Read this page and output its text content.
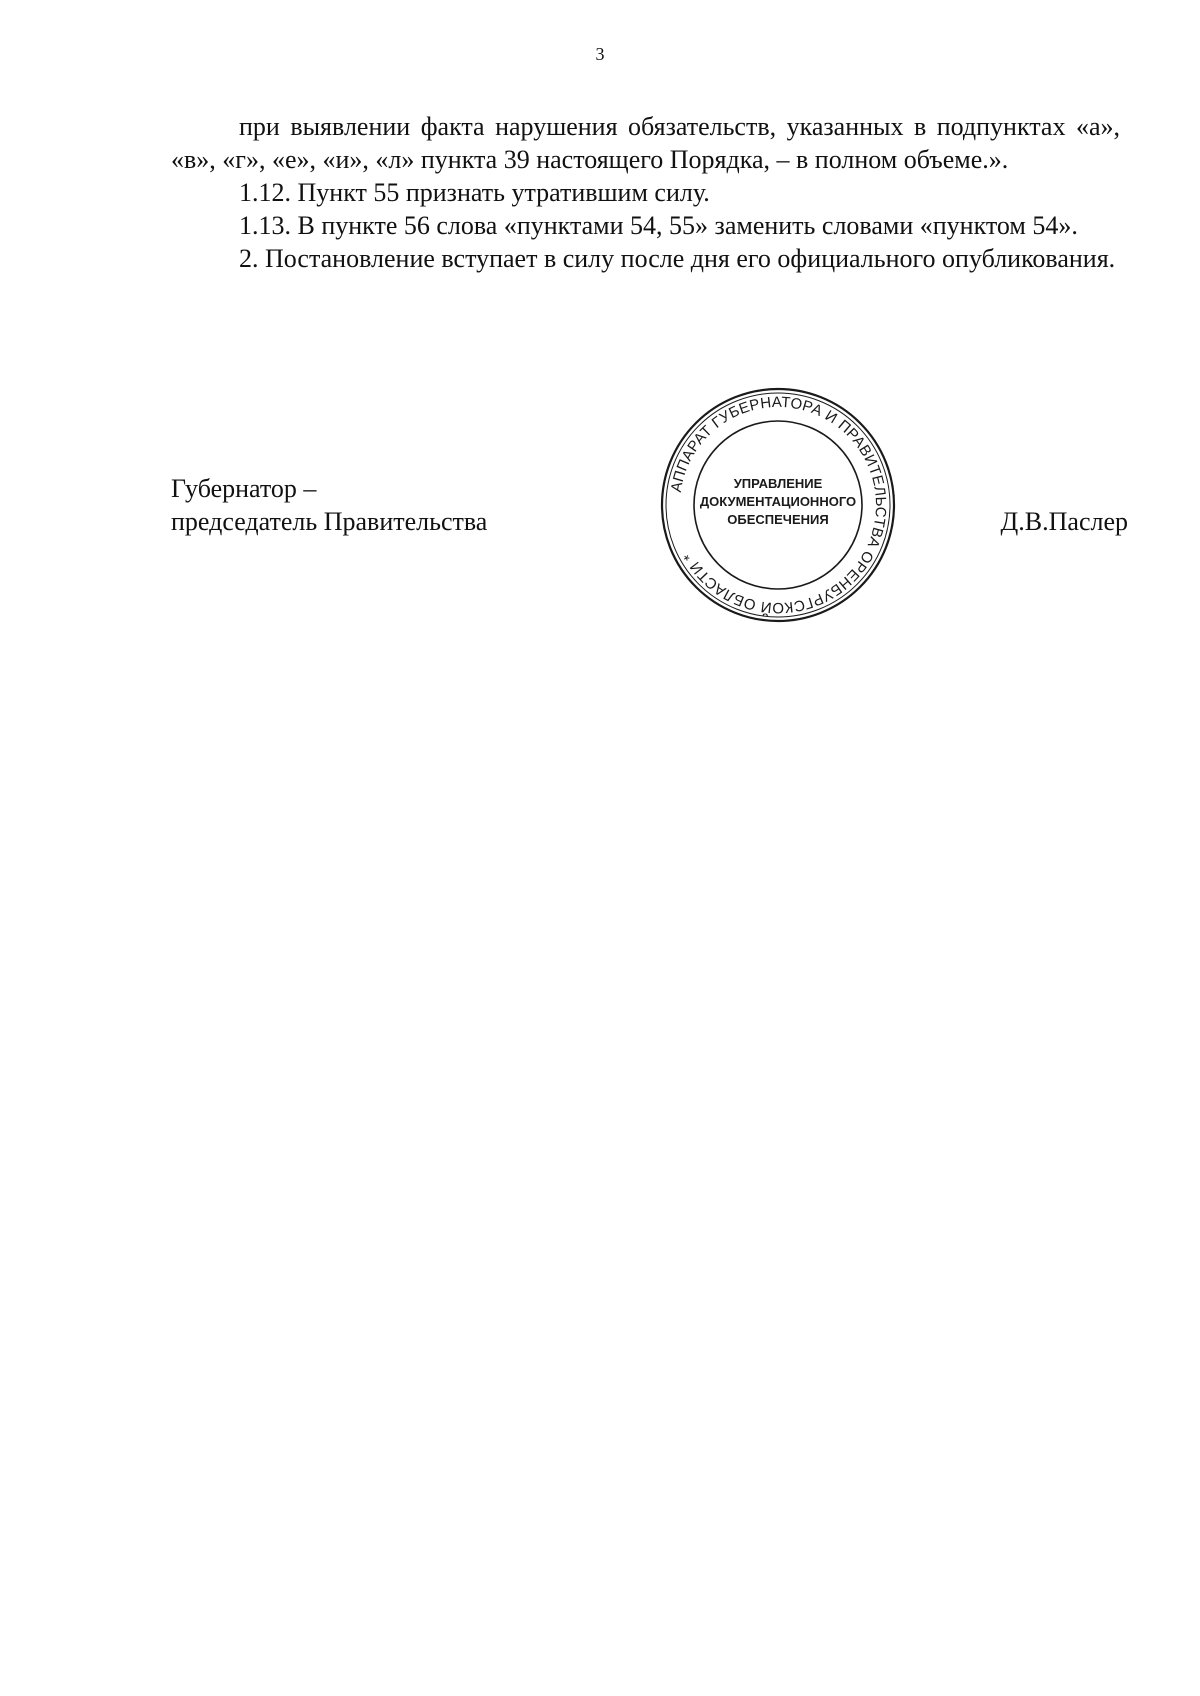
3

при выявлении факта нарушения обязательств, указанных в подпунктах «а», «в», «г», «е», «и», «л» пункта 39 настоящего Порядка, – в полном объеме.».

1.12. Пункт 55 признать утратившим силу.

1.13. В пункте 56 слова «пунктами 54, 55» заменить словами «пунктом 54».

2. Постановление вступает в силу после дня его официального опубликования.

Губернатор –
председатель Правительства	Д.В.Паслер
АППАРАТ ГУБЕРНАТОРА И ПРАВИТЕЛЬСТВА ОРЕНБУРГСКОЙ ОБЛАСТИ *
УПРАВЛЕНИЕ
ДОКУМЕНТАЦИОННОГО
ОБЕСПЕЧЕНИЯ
